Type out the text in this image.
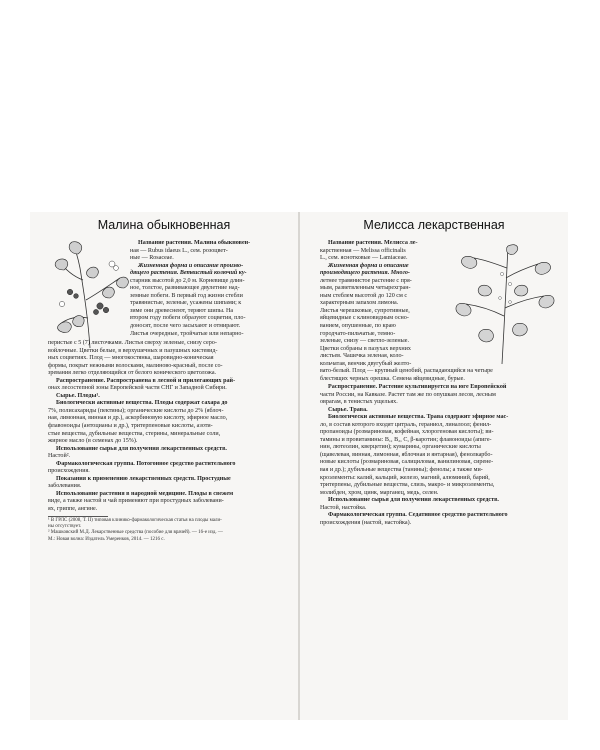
Малина обыкновенная

Название растения. Малина обыкновен-

ная — Rubus idaeus L., сем. розоцвет-

ные — Rosaceae.

Жизненная форма и описание произво-

дящего растения. Ветвистый колючий ку-

старник высотой до 2,0 м. Корневище длин-

ное, толстое, развивающее двулетние над-

земные побеги. В первый год жизни стебли

травянистые, зеленые, усажены шипами; к

зиме они древеснеют, теряют шипы. На

втором году побеги образуют соцветия, пло-

доносят, после чего засыхают и отмирают.

Листья очередные, тройчатые или непарно-

перистые с 5 (7) листочками. Листья сверху зеленые, снизу серо-

войлочные. Цветки белые, в верхушечных и пазушных кистевид-

ных соцветиях. Плод — многокостянка, шаровидно-коническая

формы, покрыт нежными волосками, малиново-красный, после со-

зревания легко отделяющийся от белого конического цветоложа.

Распространение. Распространена в лесной и прилегающих рай-

онах лесостепной зоны Европейской части СНГ и Западной Сибири.

Сырье. Плоды¹.

Биологически активные вещества. Плоды содержат сахара до

7%, полисахариды (пектины); органические кислоты до 2% (яблоч-

ная, лимонная, винная и др.), аскорбиновую кислоту, эфирное масло,

флавоноиды (антоцианы и др.), тритерпеновые кислоты, азоти-

стые вещества, дубильные вещества, стерины, минеральные соли,

жирное масло (в семенах до 15%).

Использование сырья для получения лекарственных средств.

Настой².

Фармакологическая группа. Потогонное средство растительного

происхождения.

Показания к применению лекарственных средств. Простудные

заболевания.

Использование растения в народной медицине. Плоды в свежем

виде, а также настой и чай применяют при простудных заболевани-

ях, гриппе, ангине.

¹ В ГРЛС (2008, Т. II) типовая клинико-фармакологическая статья на плоды мали-

ны отсутствует.

² Машковский М.Д. Лекарственные средства (пособие для врачей). — 16-е изд. —

М.: Новая волна: Издатель Умеренков, 2014. — 1216 с.

Мелисса лекарственная

Название растения. Мелисса ле-

карственная — Melissa officinalis

L., сем. яснотковые — Lamiaceae.

Жизненная форма и описание

производящего растения. Много-

летнее травянистое растение с пря-

мым, разветвленным четырехгран-

ным стеблем высотой до 120 см с

характерным запахом лимона.

Листья черешковые, супротивные,

яйцевидные с клиновидным осно-

ванием, опушенные, по краю

городчато-пильчатые, темно-

зеленые, снизу — светло-зеленые.

Цветки собраны в пазухах верхних

листьев. Чашечка зеленая, коло-

кольчатая, венчик двугубый желто-

вато-белый. Плод — крупный ценобий, распадающийся на четыре

блестящих черных орешка. Семена яйцевидные, бурые.

Распространение. Растение культивируется на юге Европейской

части России, на Кавказе. Растет там же по опушкам лесов, лесным

оврагам, в тенистых ущельях.

Сырье. Трава.

Биологически активные вещества. Трава содержит эфирное мас-

ло, в состав которого входят цитраль, гераниол, линалоол; фенил-

пропаноиды (розмариновая, кофейная, хлорогеновая кислоты); ви-

тамины и провитамины: B₁, B₂, C, β-каротин; флавоноиды (апиге-

нин, лютеолин, кверцетин); кумарины, органические кислоты

(щавелевая, винная, лимонная, яблочная и янтарная), фенолкарбо-

новые кислоты (розмариновая, салициловая, ванилиновая, сирене-

вая и др.); дубильные вещества (танины); фенолы; а также ми-

кроэлементы: калий, кальций, железо, магний, алюминий, барий,

тритерпены, дубильные вещества, слизь, макро- и микроэлементы,

молибден, хром, цинк, марганец, медь, селен.

Использование сырья для получения лекарственных средств.

Настой, настойка.

Фармакологическая группа. Седативное средство растительного

происхождения (настой, настойка).
